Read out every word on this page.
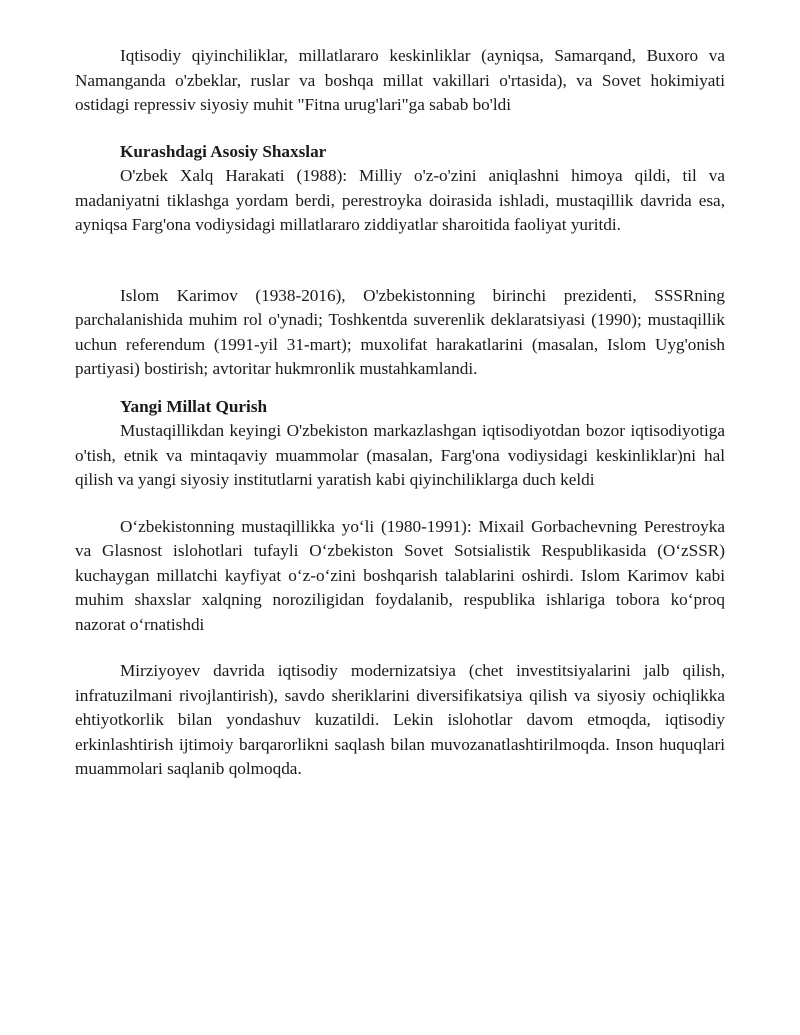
Iqtisodiy qiyinchiliklar, millatlararo keskinliklar (ayniqsa, Samarqand, Buxoro va Namanganda o'zbeklar, ruslar va boshqa millat vakillari o'rtasida), va Sovet hokimiyati ostidagi repressiv siyosiy muhit "Fitna urug'lari"ga sabab bo'ldi

Kurashdagi Asosiy Shaxslar

O'zbek Xalq Harakati (1988): Milliy o'z-o'zini aniqlashni himoya qildi, til va madaniyatni tiklashga yordam berdi, perestroyka doirasida ishladi, mustaqillik davrida esa, ayniqsa Farg'ona vodiysidagi millatlararo ziddiyatlar sharoitida faoliyat yuritdi.

Islom Karimov (1938-2016), O'zbekistonning birinchi prezidenti, SSSRning parchalanishida muhim rol o'ynadi; Toshkentda suverenlik deklaratsiyasi (1990); mustaqillik uchun referendum (1991-yil 31-mart); muxolifat harakatlarini (masalan, Islom Uyg'onish partiyasi) bostirish; avtoritar hukmronlik mustahkamlandi.

Yangi Millat Qurish

Mustaqillikdan keyingi O'zbekiston markazlashgan iqtisodiyotdan bozor iqtisodiyotiga o'tish, etnik va mintaqaviy muammolar (masalan, Farg'ona vodiysidagi keskinliklar)ni hal qilish va yangi siyosiy institutlarni yaratish kabi qiyinchiliklarga duch keldi

O‘zbekistonning mustaqillikka yo‘li (1980-1991): Mixail Gorbachevning Perestroyka va Glasnost islohotlari tufayli O‘zbekiston Sovet Sotsialistik Respublikasida (O‘zSSR) kuchaygan millatchi kayfiyat o‘z-o‘zini boshqarish talablarini oshirdi. Islom Karimov kabi muhim shaxslar xalqning noroziligidan foydalanib, respublika ishlariga tobora ko‘proq nazorat o‘rnatishdi

Mirziyoyev davrida iqtisodiy modernizatsiya (chet investitsiyalarini jalb qilish, infratuzilmani rivojlantirish), savdo sheriklarini diversifikatsiya qilish va siyosiy ochiqlikka ehtiyotkorlik bilan yondashuv kuzatildi. Lekin islohotlar davom etmoqda, iqtisodiy erkinlashtirish ijtimoiy barqarorlikni saqlash bilan muvozanatlashtirilmoqda. Inson huquqlari muammolari saqlanib qolmoqda.
